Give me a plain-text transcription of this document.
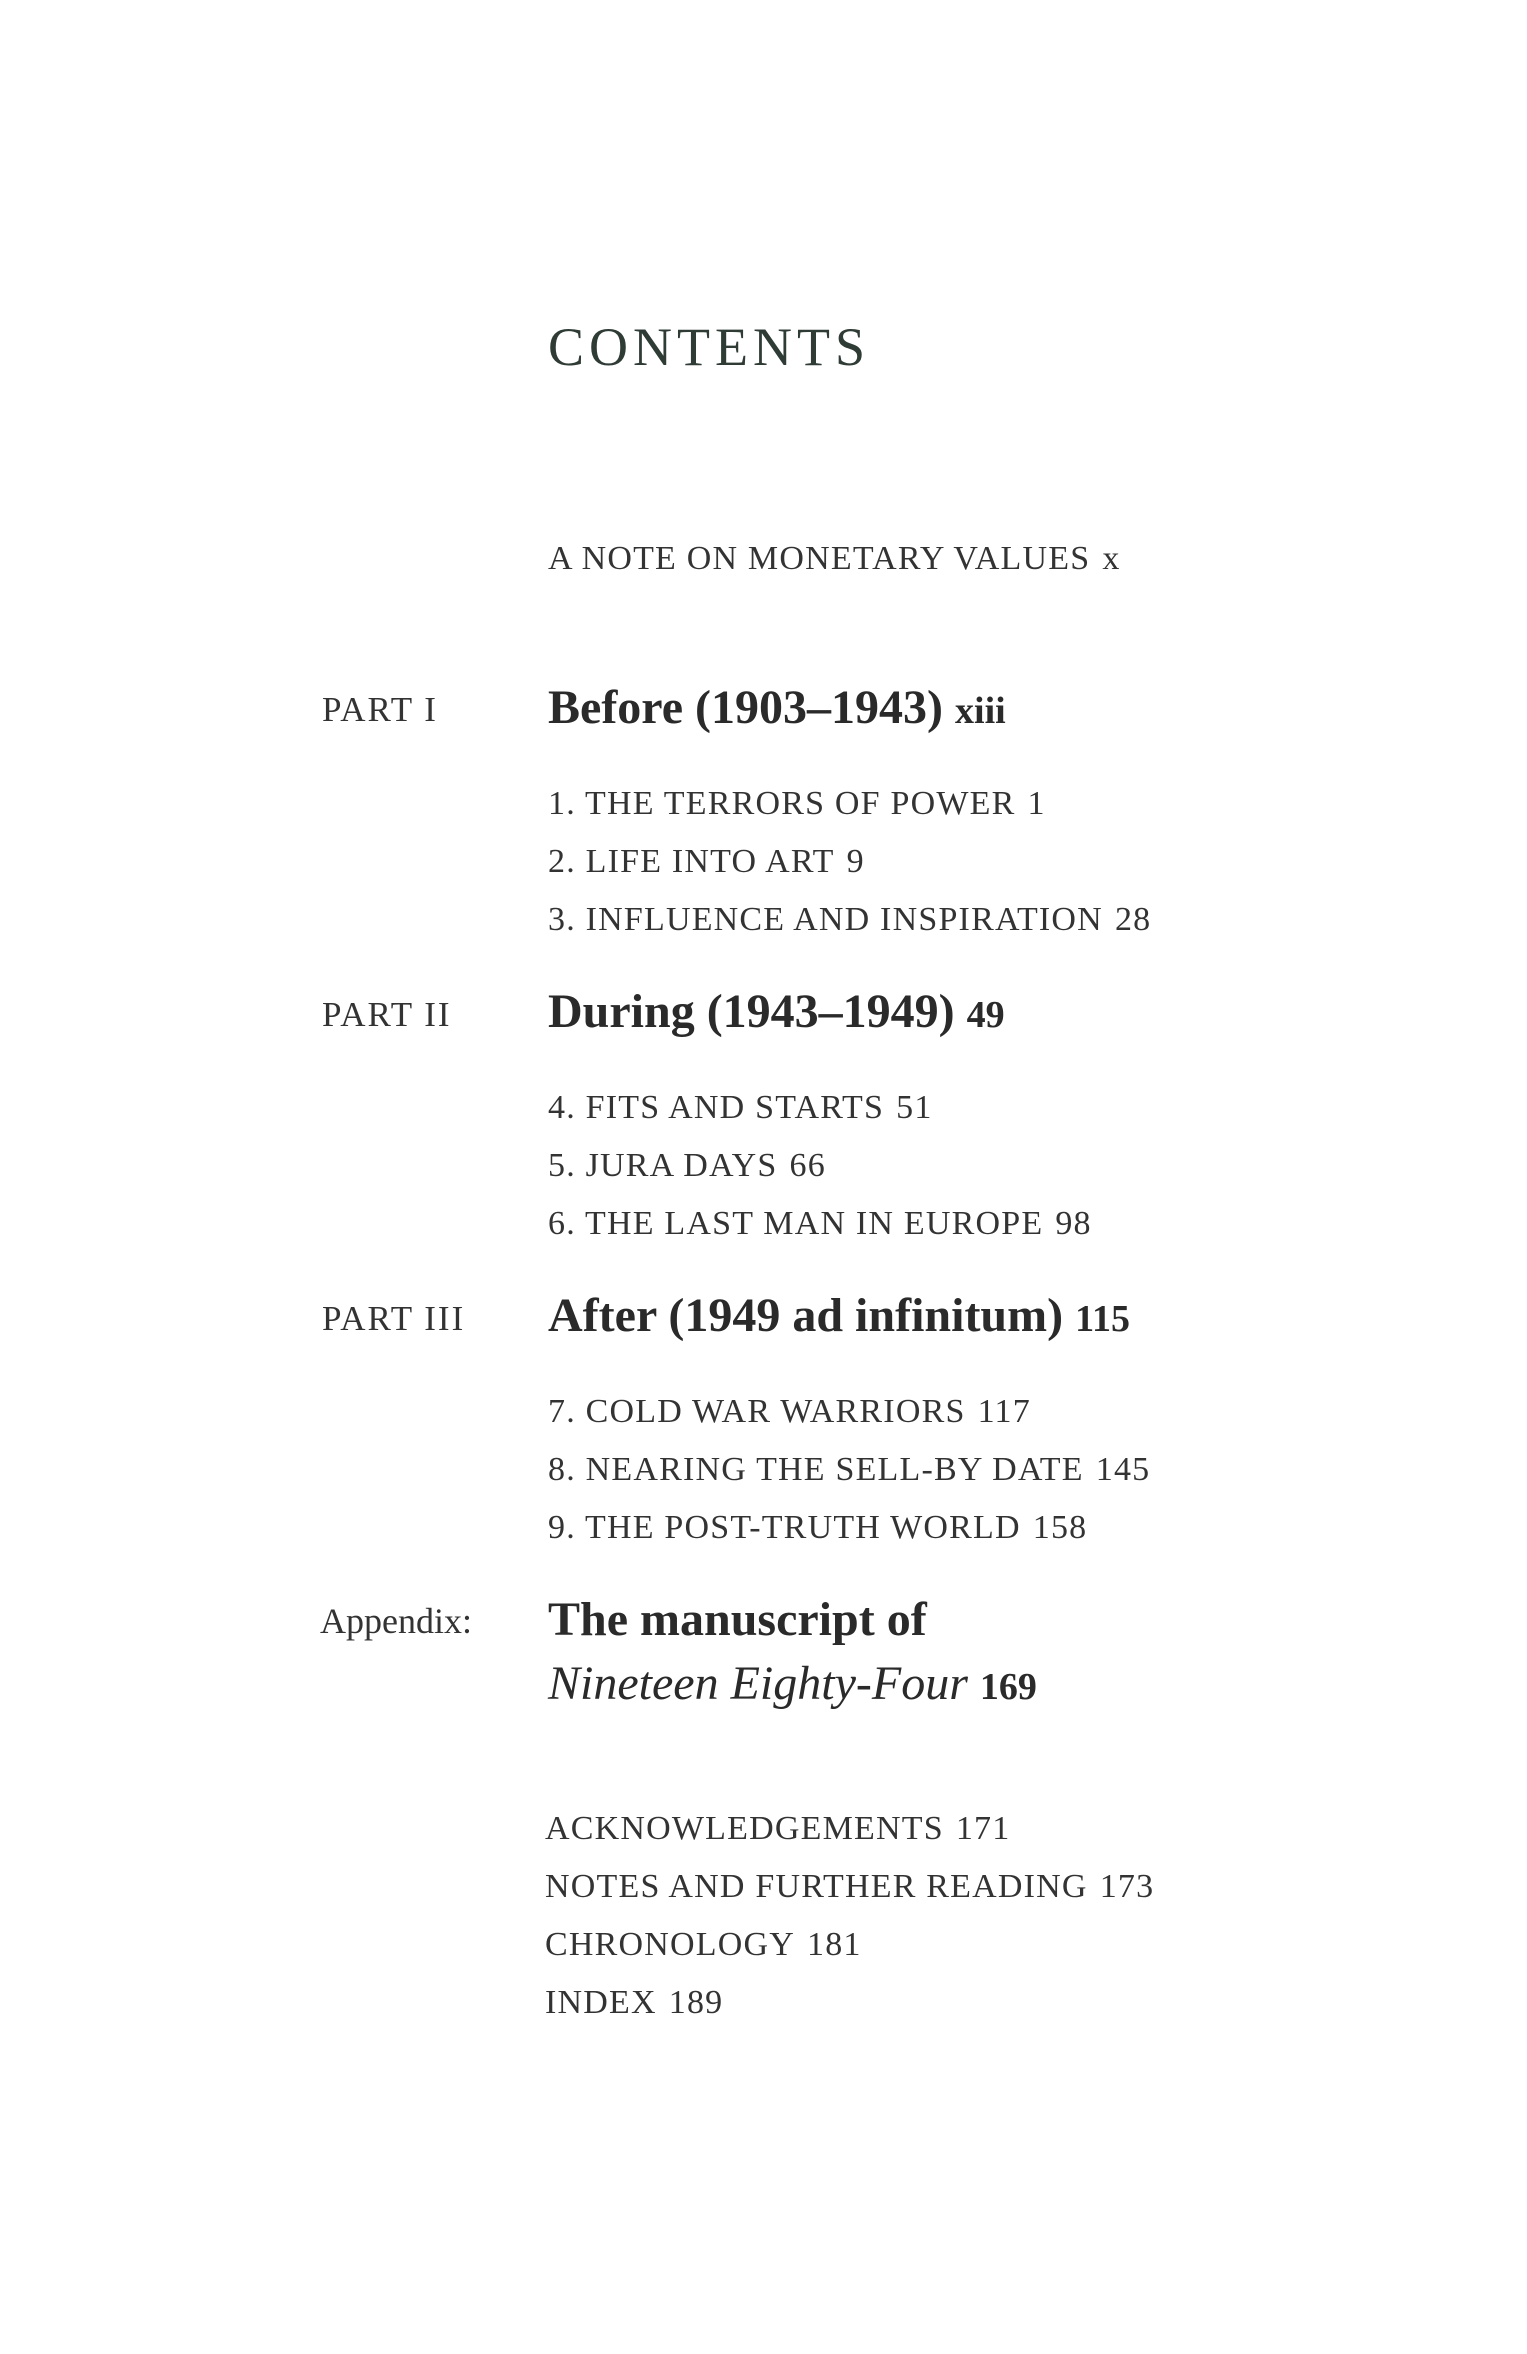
CONTENTS
A NOTE ON MONETARY VALUES x
PART I Before (1903–1943) xiii
1. THE TERRORS OF POWER 1
2. LIFE INTO ART 9
3. INFLUENCE AND INSPIRATION 28
PART II During (1943–1949) 49
4. FITS AND STARTS 51
5. JURA DAYS 66
6. THE LAST MAN IN EUROPE 98
PART III After (1949 ad infinitum) 115
7. COLD WAR WARRIORS 117
8. NEARING THE SELL-BY DATE 145
9. THE POST-TRUTH WORLD 158
Appendix: The manuscript of
Nineteen Eighty-Four 169
ACKNOWLEDGEMENTS 171
NOTES AND FURTHER READING 173
CHRONOLOGY 181
INDEX 189
